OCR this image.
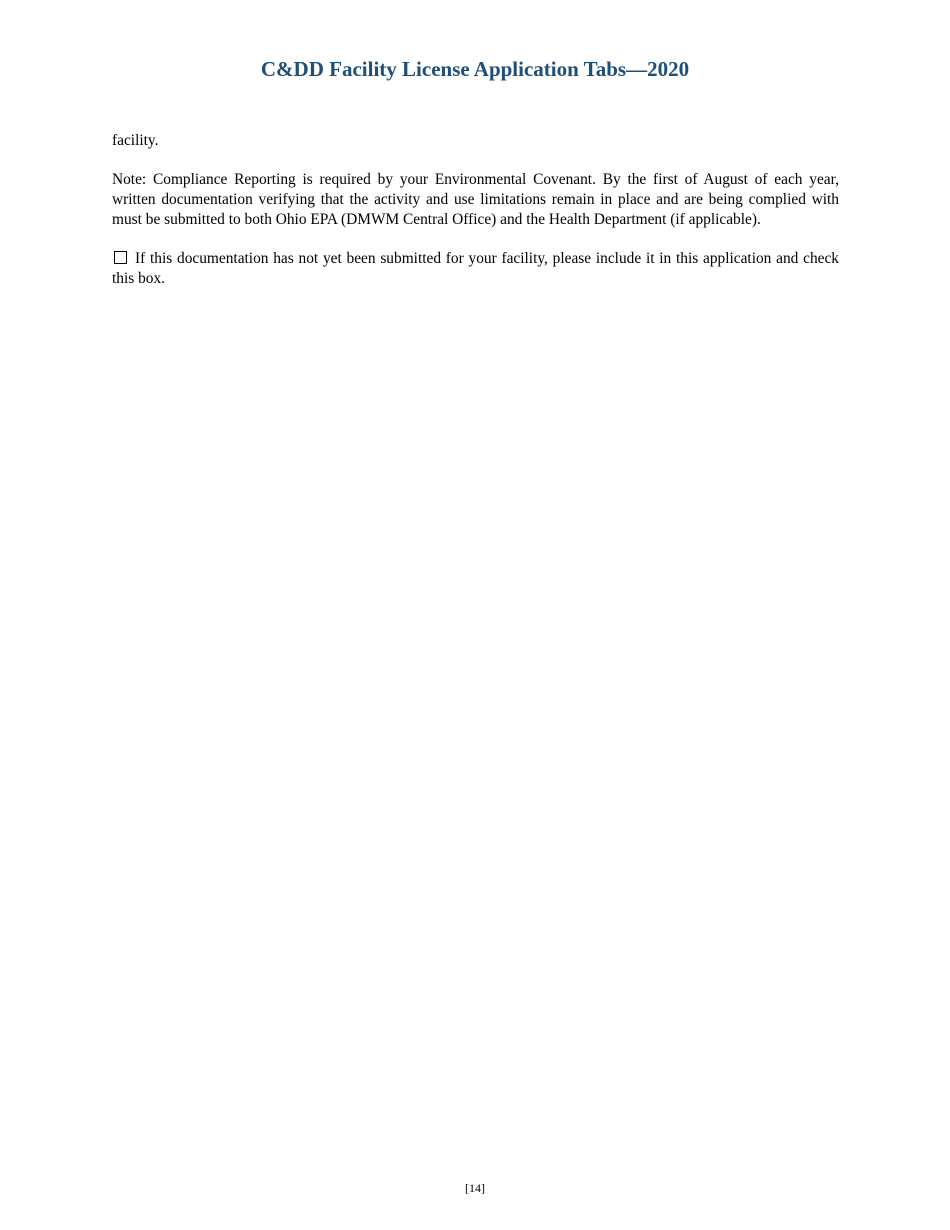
C&DD Facility License Application Tabs—2020

facility.

Note: Compliance Reporting is required by your Environmental Covenant. By the first of August of each year, written documentation verifying that the activity and use limitations remain in place and are being complied with must be submitted to both Ohio EPA (DMWM Central Office) and the Health Department (if applicable).

If this documentation has not yet been submitted for your facility, please include it in this application and check this box.

[14]
